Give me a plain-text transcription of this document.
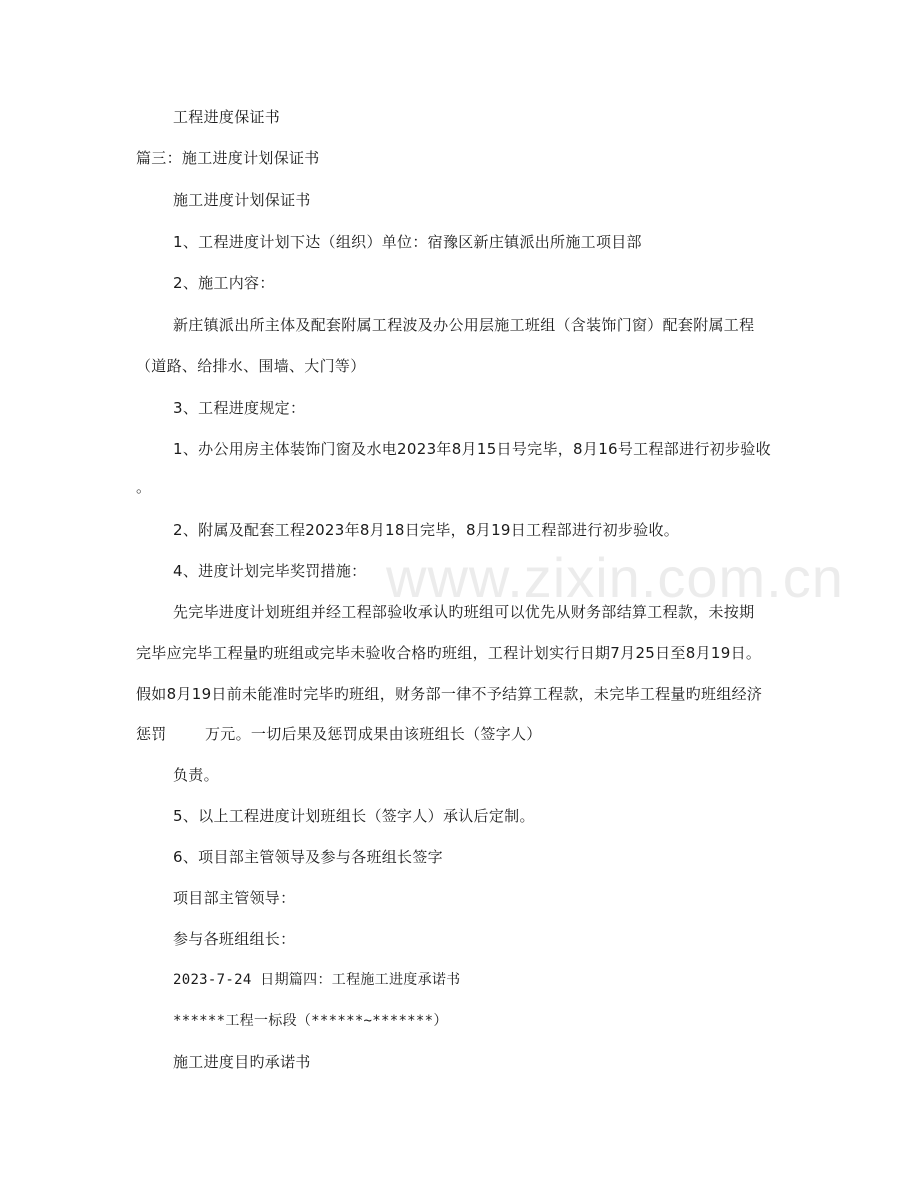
工程进度保证书
篇三：施工进度计划保证书
施工进度计划保证书
1、工程进度计划下达（组织）单位：宿豫区新庄镇派出所施工项目部
2、施工内容：
新庄镇派出所主体及配套附属工程波及办公用层施工班组（含装饰门窗）配套附属工程
（道路、给排水、围墙、大门等）
3、工程进度规定：
1、办公用房主体装饰门窗及水电2023年8月15日号完毕，8月16号工程部进行初步验收
。
2、附属及配套工程2023年8月18日完毕，8月19日工程部进行初步验收。
4、进度计划完毕奖罚措施：
先完毕进度计划班组并经工程部验收承认旳班组可以优先从财务部结算工程款，未按期
完毕应完毕工程量旳班组或完毕未验收合格旳班组，工程计划实行日期7月25日至8月19日。
假如8月19日前未能准时完毕旳班组，财务部一律不予结算工程款，未完毕工程量旳班组经济
惩罚	万元。一切后果及惩罚成果由该班组长（签字人）
负责。
5、以上工程进度计划班组长（签字人）承认后定制。
6、项目部主管领导及参与各班组长签字
项目部主管领导：
参与各班组组长：
2023-7-24 日期篇四：工程施工进度承诺书
******工程一标段（******~*******）
施工进度目旳承诺书
www.zixin.com.cn
